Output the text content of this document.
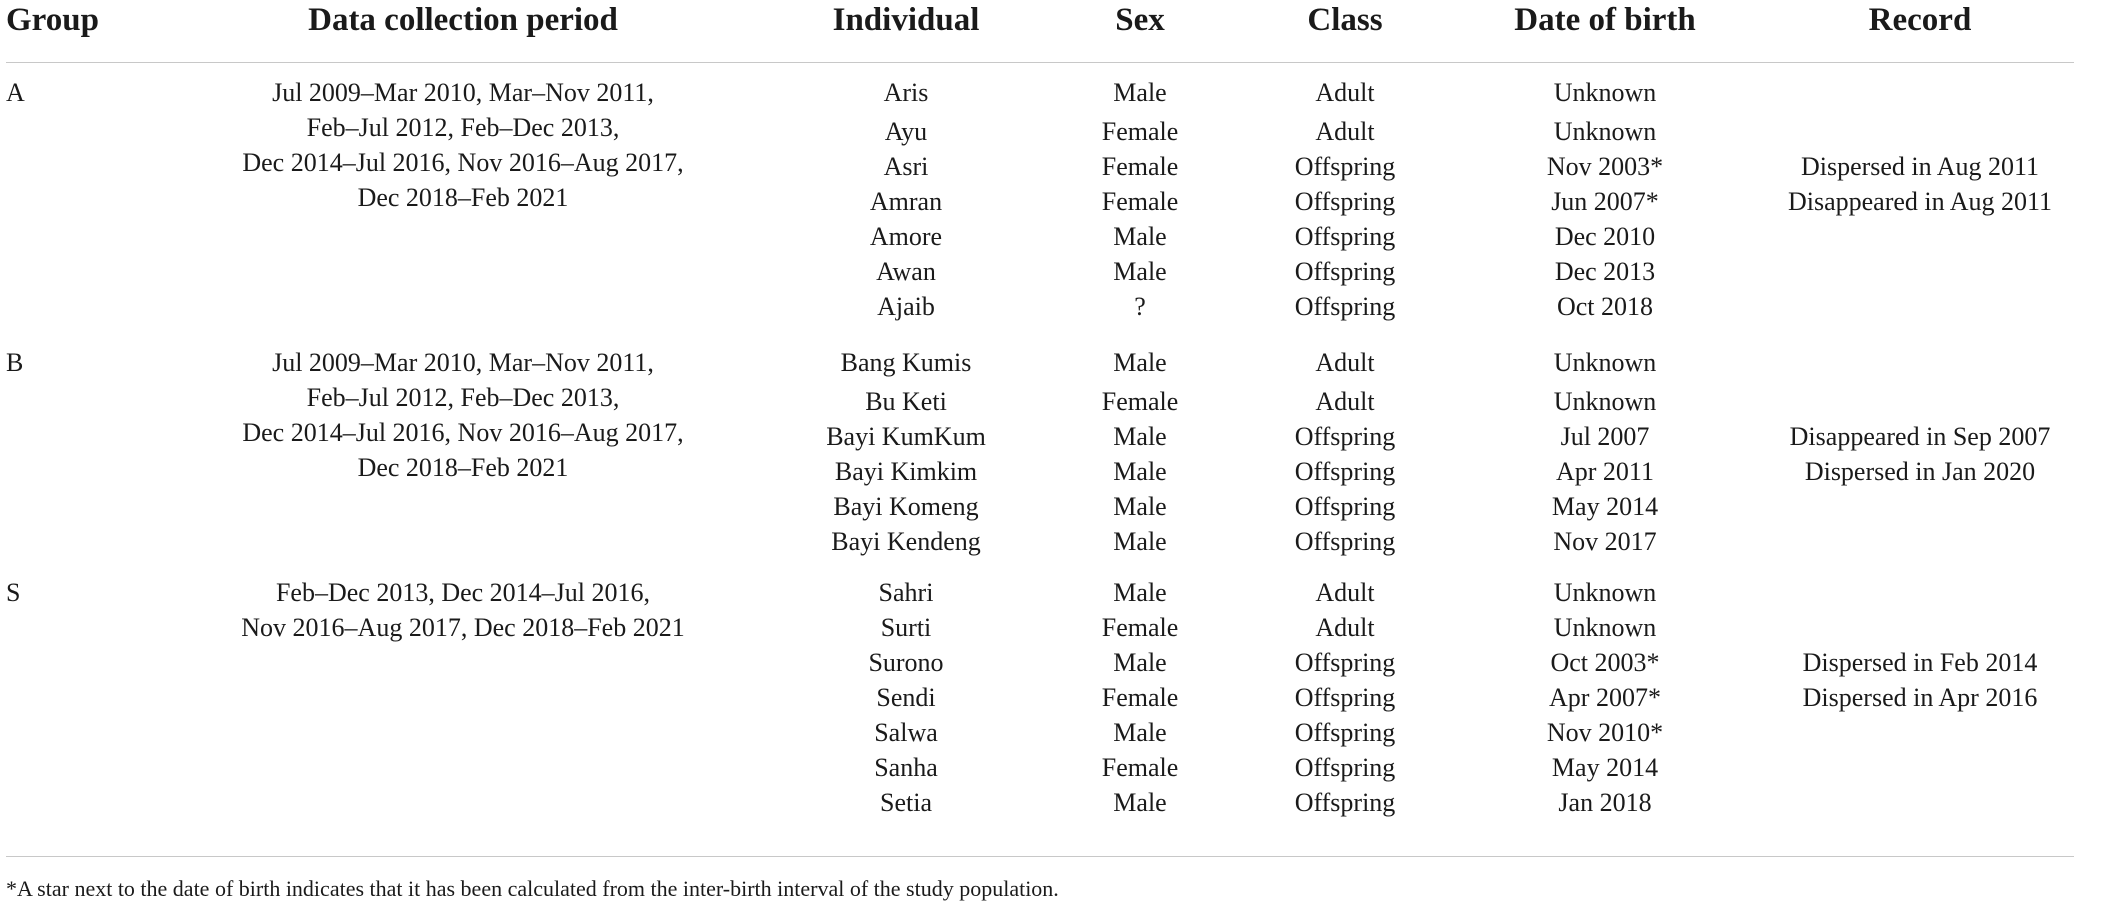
Group	Data collection period	Individual	Sex	Class	Date of birth	Record
A	Jul 2009–Mar 2010, Mar–Nov 2011,
Feb–Jul 2012, Feb–Dec 2013,
Dec 2014–Jul 2016, Nov 2016–Aug 2017,
Dec 2018–Feb 2021
Aris	Male	Adult	Unknown
Ayu	Female	Adult	Unknown
Asri	Female	Offspring	Nov 2003*	Dispersed in Aug 2011
Amran	Female	Offspring	Jun 2007*	Disappeared in Aug 2011
Amore	Male	Offspring	Dec 2010
Awan	Male	Offspring	Dec 2013
Ajaib	?	Offspring	Oct 2018
B	Jul 2009–Mar 2010, Mar–Nov 2011,
Feb–Jul 2012, Feb–Dec 2013,
Dec 2014–Jul 2016, Nov 2016–Aug 2017,
Dec 2018–Feb 2021
Bang Kumis	Male	Adult	Unknown
Bu Keti	Female	Adult	Unknown
Bayi KumKum	Male	Offspring	Jul 2007	Disappeared in Sep 2007
Bayi Kimkim	Male	Offspring	Apr 2011	Dispersed in Jan 2020
Bayi Komeng	Male	Offspring	May 2014
Bayi Kendeng	Male	Offspring	Nov 2017
S	Feb–Dec 2013, Dec 2014–Jul 2016,
Nov 2016–Aug 2017, Dec 2018–Feb 2021
Sahri	Male	Adult	Unknown
Surti	Female	Adult	Unknown
Surono	Male	Offspring	Oct 2003*	Dispersed in Feb 2014
Sendi	Female	Offspring	Apr 2007*	Dispersed in Apr 2016
Salwa	Male	Offspring	Nov 2010*
Sanha	Female	Offspring	May 2014
Setia	Male	Offspring	Jan 2018
*A star next to the date of birth indicates that it has been calculated from the inter-birth interval of the study population.
